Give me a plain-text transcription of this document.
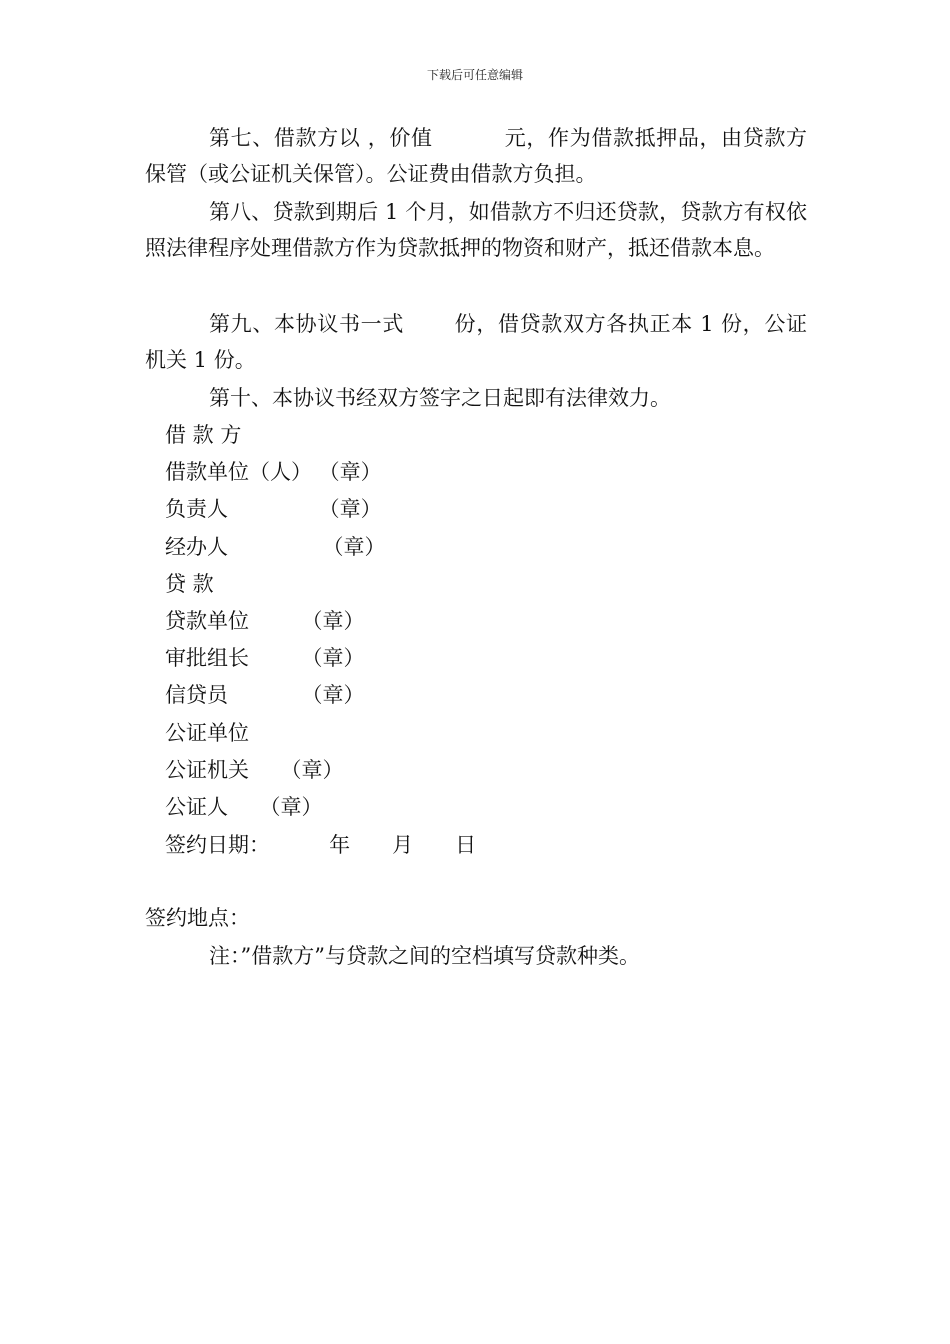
下载后可任意编辑

第七、借款方以 ，价值　　　 元，作为借款抵押品，由贷款方保管（或公证机关保管）。公证费由借款方负担。

第八、贷款到期后 1 个月，如借款方不归还贷款，贷款方有权依照法律程序处理借款方作为贷款抵押的物资和财产，抵还借款本息。

第九、本协议书一式　　 份，借贷款双方各执正本 1 份，公证机关 1 份。

第十、本协议书经双方签字之日起即有法律效力。

借 款 方
借款单位（人） （章）
负责人　　　　 （章）
经办人　　　　　（章）
贷 款
贷款单位　　　（章）
审批组长　　　（章）
信贷员　　　　（章）
公证单位
公证机关　　（章）
公证人　　（章）
签约日期：　　　 年　　月　　日
签约地点：
注：”借款方”与贷款之间的空档填写贷款种类。
